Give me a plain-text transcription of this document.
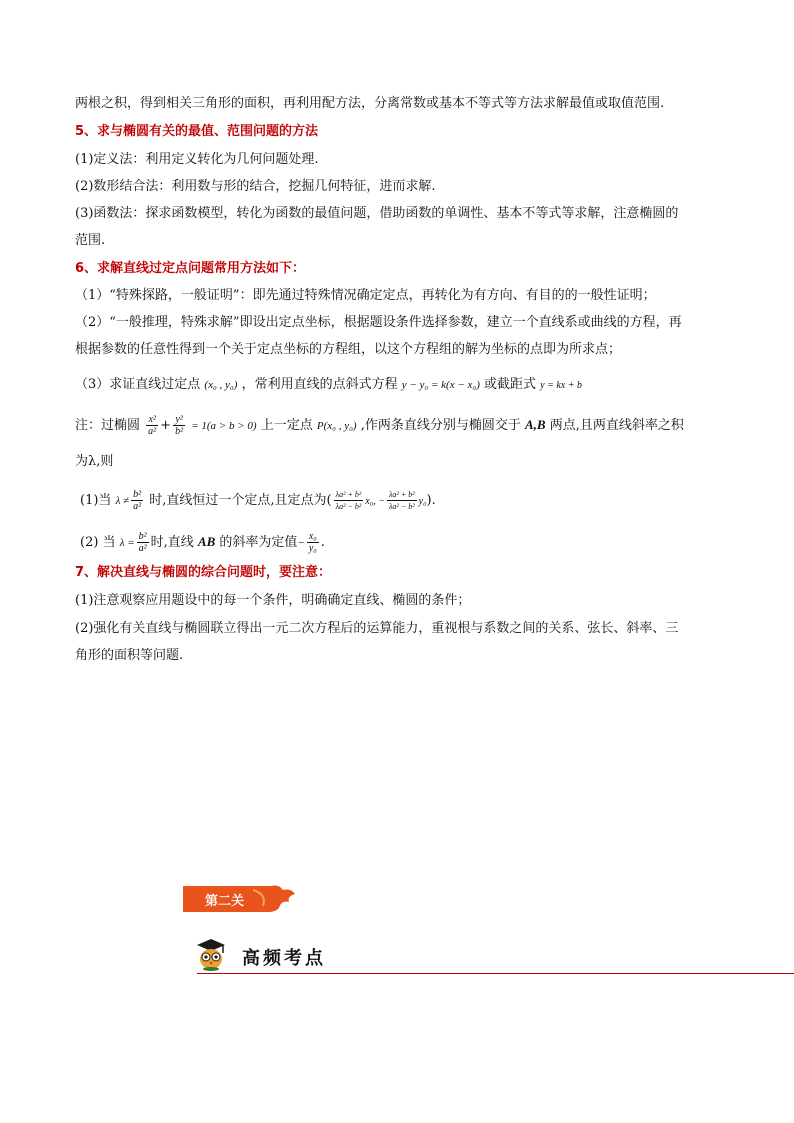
两根之积，得到相关三角形的面积，再利用配方法，分离常数或基本不等式等方法求解最值或取值范围.
5、求与椭圆有关的最值、范围问题的方法
(1)定义法：利用定义转化为几何问题处理.
(2)数形结合法：利用数与形的结合，挖掘几何特征，进而求解.
(3)函数法：探求函数模型，转化为函数的最值问题，借助函数的单调性、基本不等式等求解，注意椭圆的
范围.
6、求解直线过定点问题常用方法如下：
（1）“特殊探路，一般证明”：即先通过特殊情况确定定点，再转化为有方向、有目的的一般性证明；
（2）“一般推理，特殊求解”即设出定点坐标，根据题设条件选择参数，建立一个直线系或曲线的方程，再
根据参数的任意性得到一个关于定点坐标的方程组，以这个方程组的解为坐标的点即为所求点；
（3）求证直线过定点 (x₀ , y₀) ，常利用直线的点斜式方程 y − y₀ = k(x − x₀) 或截距式 y = kx + b
注：过椭圆 $\frac{\text{x²}}{\text{a²}} + \frac{\text{y²}}{\text{b²}} = 1(a > b > 0)$ 上一定点 P(x₀ , y₀) ,作两条直线分别与椭圆交于 A,B 两点,且两直线斜率之积
为λ,则
(1)当 $\lambda \ne \frac{\text{b²}}{\text{a²}}$ 时,直线恒过一个定点,且定点为( $\frac{\text{λa² + b²}}{\text{λa² − b²}} x_0$, − $\frac{\text{λa² + b²}}{\text{λa² − b²}} y_0$).
(2) 当 $\lambda = \frac{\text{b²}}{\text{a²}}$ 时,直线 AB 的斜率为定值− $\frac{\text{x₀}}{\text{y₀}}$ .
7、解决直线与椭圆的综合问题时，要注意：
(1)注意观察应用题设中的每一个条件，明确确定直线、椭圆的条件；
(2)强化有关直线与椭圆联立得出一元二次方程后的运算能力，重视根与系数之间的关系、弦长、斜率、三
角形的面积等问题.
第二关
高频考点
